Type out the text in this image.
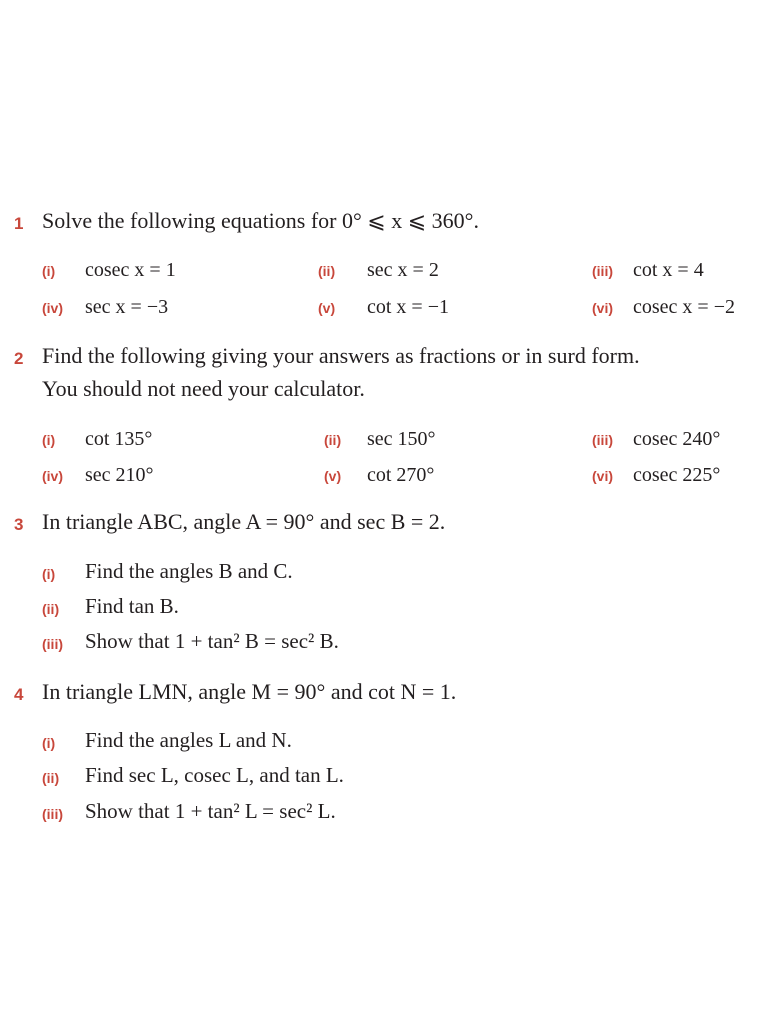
1 Solve the following equations for 0° ⩽ x ⩽ 360°.
(i) cosec x = 1	(ii) sec x = 2	(iii) cot x = 4
(iv) sec x = −3	(v) cot x = −1	(vi) cosec x = −2
2 Find the following giving your answers as fractions or in surd form.
You should not need your calculator.
(i) cot 135°	(ii) sec 150°	(iii) cosec 240°
(iv) sec 210°	(v) cot 270°	(vi) cosec 225°
3 In triangle ABC, angle A = 90° and sec B = 2.
(i) Find the angles B and C.
(ii) Find tan B.
(iii) Show that 1 + tan² B = sec² B.
4 In triangle LMN, angle M = 90° and cot N = 1.
(i) Find the angles L and N.
(ii) Find sec L, cosec L, and tan L.
(iii) Show that 1 + tan² L = sec² L.
